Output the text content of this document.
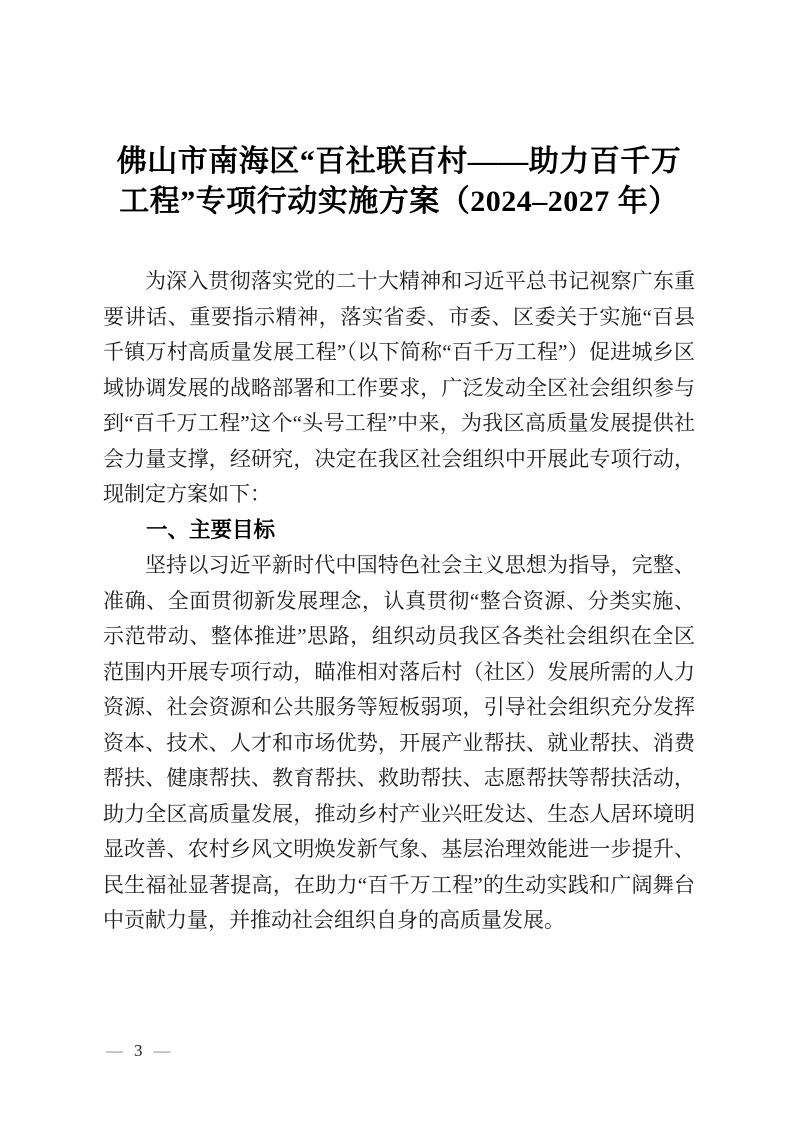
佛山市南海区“百社联百村——助力百千万
工程”专项行动实施方案（2024–2027 年）

为深入贯彻落实党的二十大精神和习近平总书记视察广东重要讲话、重要指示精神，落实省委、市委、区委关于实施“百县千镇万村高质量发展工程”（以下简称“百千万工程”）促进城乡区域协调发展的战略部署和工作要求，广泛发动全区社会组织参与到“百千万工程”这个“头号工程”中来，为我区高质量发展提供社会力量支撑，经研究，决定在我区社会组织中开展此专项行动，现制定方案如下：

一、主要目标

坚持以习近平新时代中国特色社会主义思想为指导，完整、准确、全面贯彻新发展理念，认真贯彻“整合资源、分类实施、示范带动、整体推进”思路，组织动员我区各类社会组织在全区范围内开展专项行动，瞄准相对落后村（社区）发展所需的人力资源、社会资源和公共服务等短板弱项，引导社会组织充分发挥资本、技术、人才和市场优势，开展产业帮扶、就业帮扶、消费帮扶、健康帮扶、教育帮扶、救助帮扶、志愿帮扶等帮扶活动，助力全区高质量发展，推动乡村产业兴旺发达、生态人居环境明显改善、农村乡风文明焕发新气象、基层治理效能进一步提升、民生福祉显著提高，在助力“百千万工程”的生动实践和广阔舞台中贡献力量，并推动社会组织自身的高质量发展。

— 3 —
